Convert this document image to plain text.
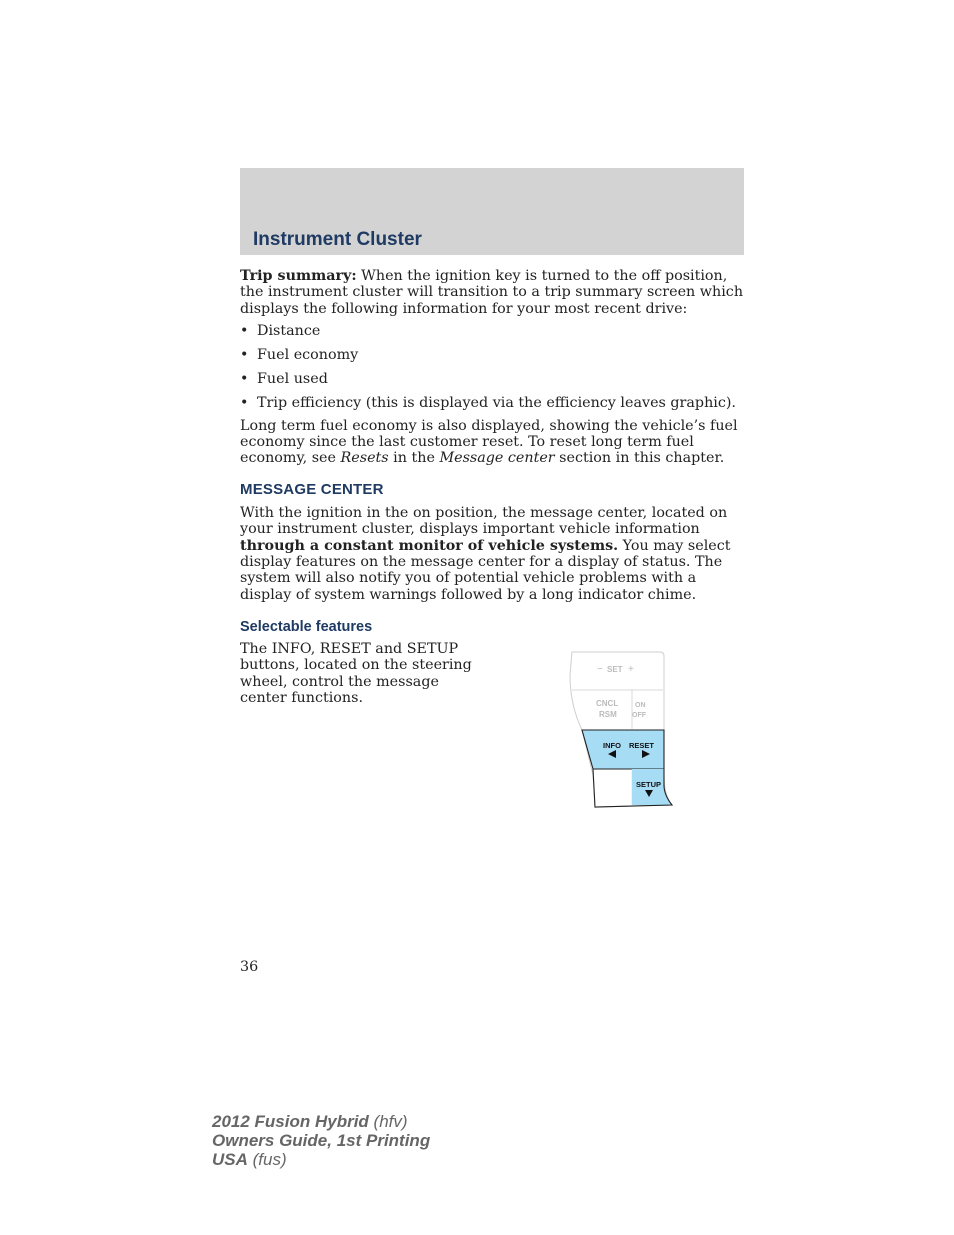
Instrument Cluster

Trip summary: When the ignition key is turned to the off position, the instrument cluster will transition to a trip summary screen which displays the following information for your most recent drive:

• Distance
• Fuel economy
• Fuel used
• Trip efficiency (this is displayed via the efficiency leaves graphic).

Long term fuel economy is also displayed, showing the vehicle’s fuel economy since the last customer reset. To reset long term fuel economy, see Resets in the Message center section in this chapter.

MESSAGE CENTER

With the ignition in the on position, the message center, located on your instrument cluster, displays important vehicle information through a constant monitor of vehicle systems. You may select display features on the message center for a display of status. The system will also notify you of potential vehicle problems with a display of system warnings followed by a long indicator chime.

Selectable features

The INFO, RESET and SETUP buttons, located on the steering wheel, control the message center functions.

− SET +
CNCL
RSM
ON
OFF
INFO RESET
SETUP
36
2012 Fusion Hybrid (hfv)
Owners Guide, 1st Printing
USA (fus)
